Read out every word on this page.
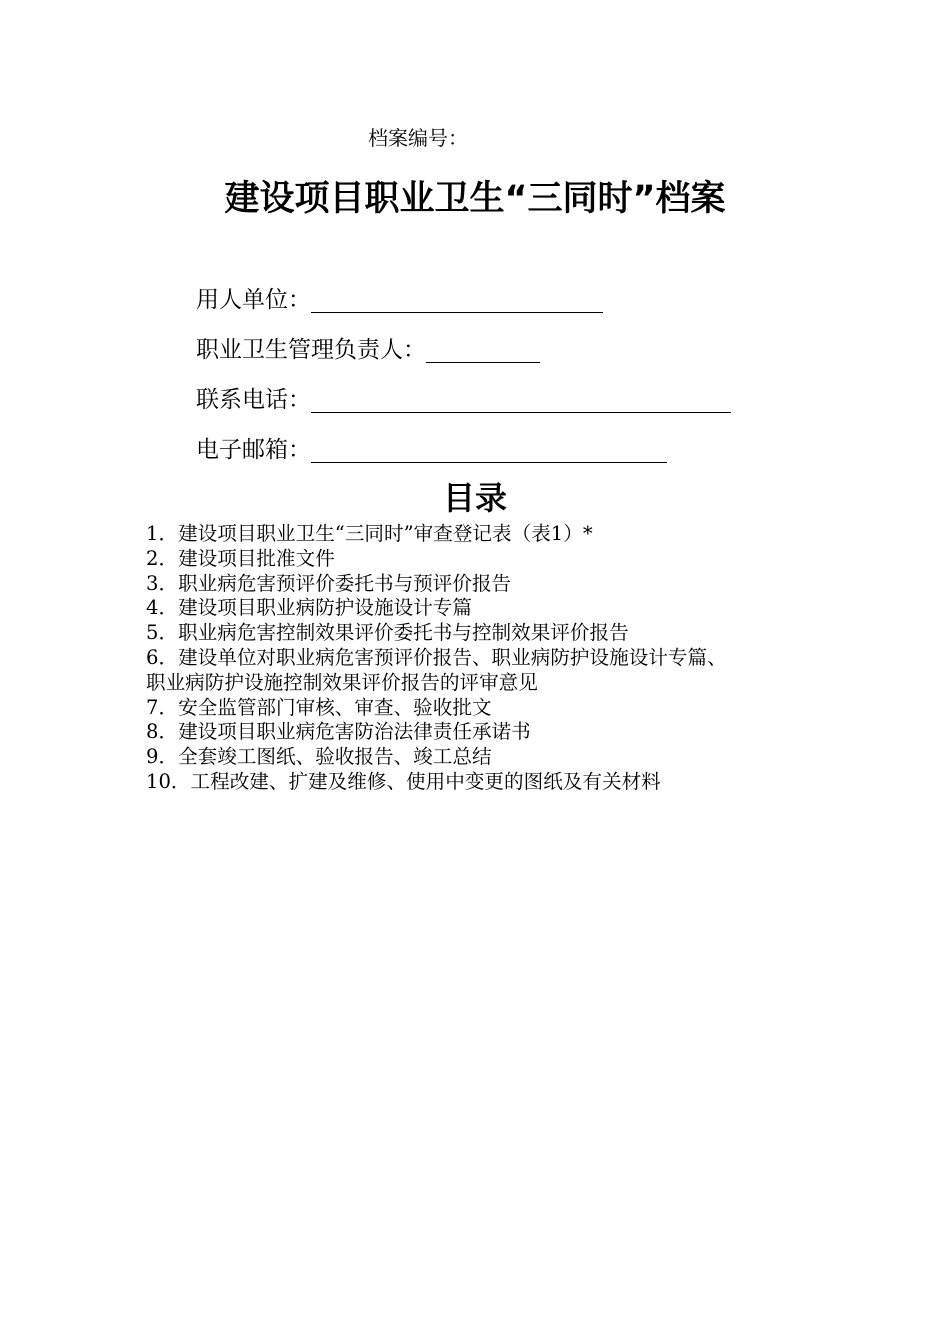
档案编号：
建设项目职业卫生“三同时”档案
用人单位：
职业卫生管理负责人：
联系电话：
电子邮箱：
目录
1．建设项目职业卫生“三同时”审查登记表（表1）*
2．建设项目批准文件
3．职业病危害预评价委托书与预评价报告
4．建设项目职业病防护设施设计专篇
5．职业病危害控制效果评价委托书与控制效果评价报告
6．建设单位对职业病危害预评价报告、职业病防护设施设计专篇、
职业病防护设施控制效果评价报告的评审意见
7．安全监管部门审核、审查、验收批文
8．建设项目职业病危害防治法律责任承诺书
9．全套竣工图纸、验收报告、竣工总结
10．工程改建、扩建及维修、使用中变更的图纸及有关材料
